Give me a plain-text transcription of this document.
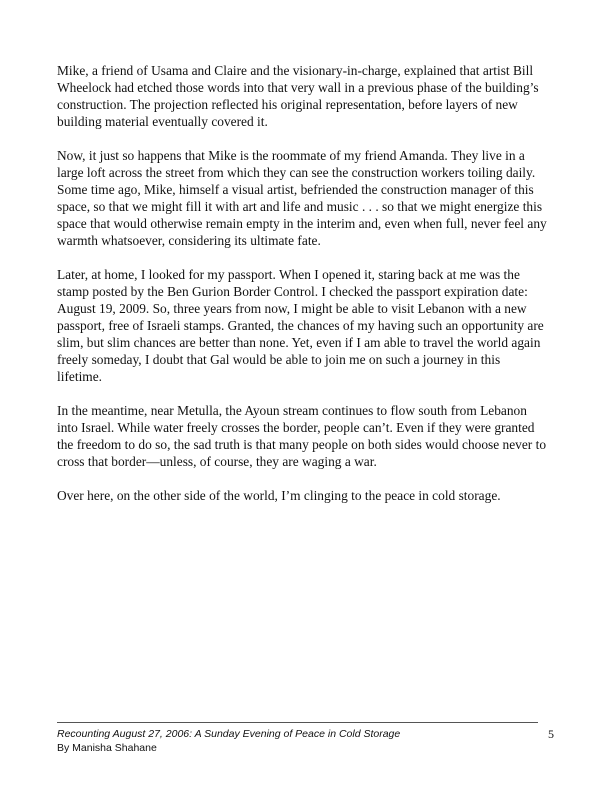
Mike, a friend of Usama and Claire and the visionary-in-charge, explained that artist Bill Wheelock had etched those words into that very wall in a previous phase of the building’s construction. The projection reflected his original representation, before layers of new building material eventually covered it.

Now, it just so happens that Mike is the roommate of my friend Amanda. They live in a large loft across the street from which they can see the construction workers toiling daily. Some time ago, Mike, himself a visual artist, befriended the construction manager of this space, so that we might fill it with art and life and music . . . so that we might energize this space that would otherwise remain empty in the interim and, even when full, never feel any warmth whatsoever, considering its ultimate fate.

Later, at home, I looked for my passport. When I opened it, staring back at me was the stamp posted by the Ben Gurion Border Control. I checked the passport expiration date: August 19, 2009. So, three years from now, I might be able to visit Lebanon with a new passport, free of Israeli stamps. Granted, the chances of my having such an opportunity are slim, but slim chances are better than none. Yet, even if I am able to travel the world again freely someday, I doubt that Gal would be able to join me on such a journey in this lifetime.

In the meantime, near Metulla, the Ayoun stream continues to flow south from Lebanon into Israel. While water freely crosses the border, people can’t. Even if they were granted the freedom to do so, the sad truth is that many people on both sides would choose never to cross that border—unless, of course, they are waging a war.

Over here, on the other side of the world, I’m clinging to the peace in cold storage.

Recounting August 27, 2006: A Sunday Evening of Peace in Cold Storage
By Manisha Shahane
5
